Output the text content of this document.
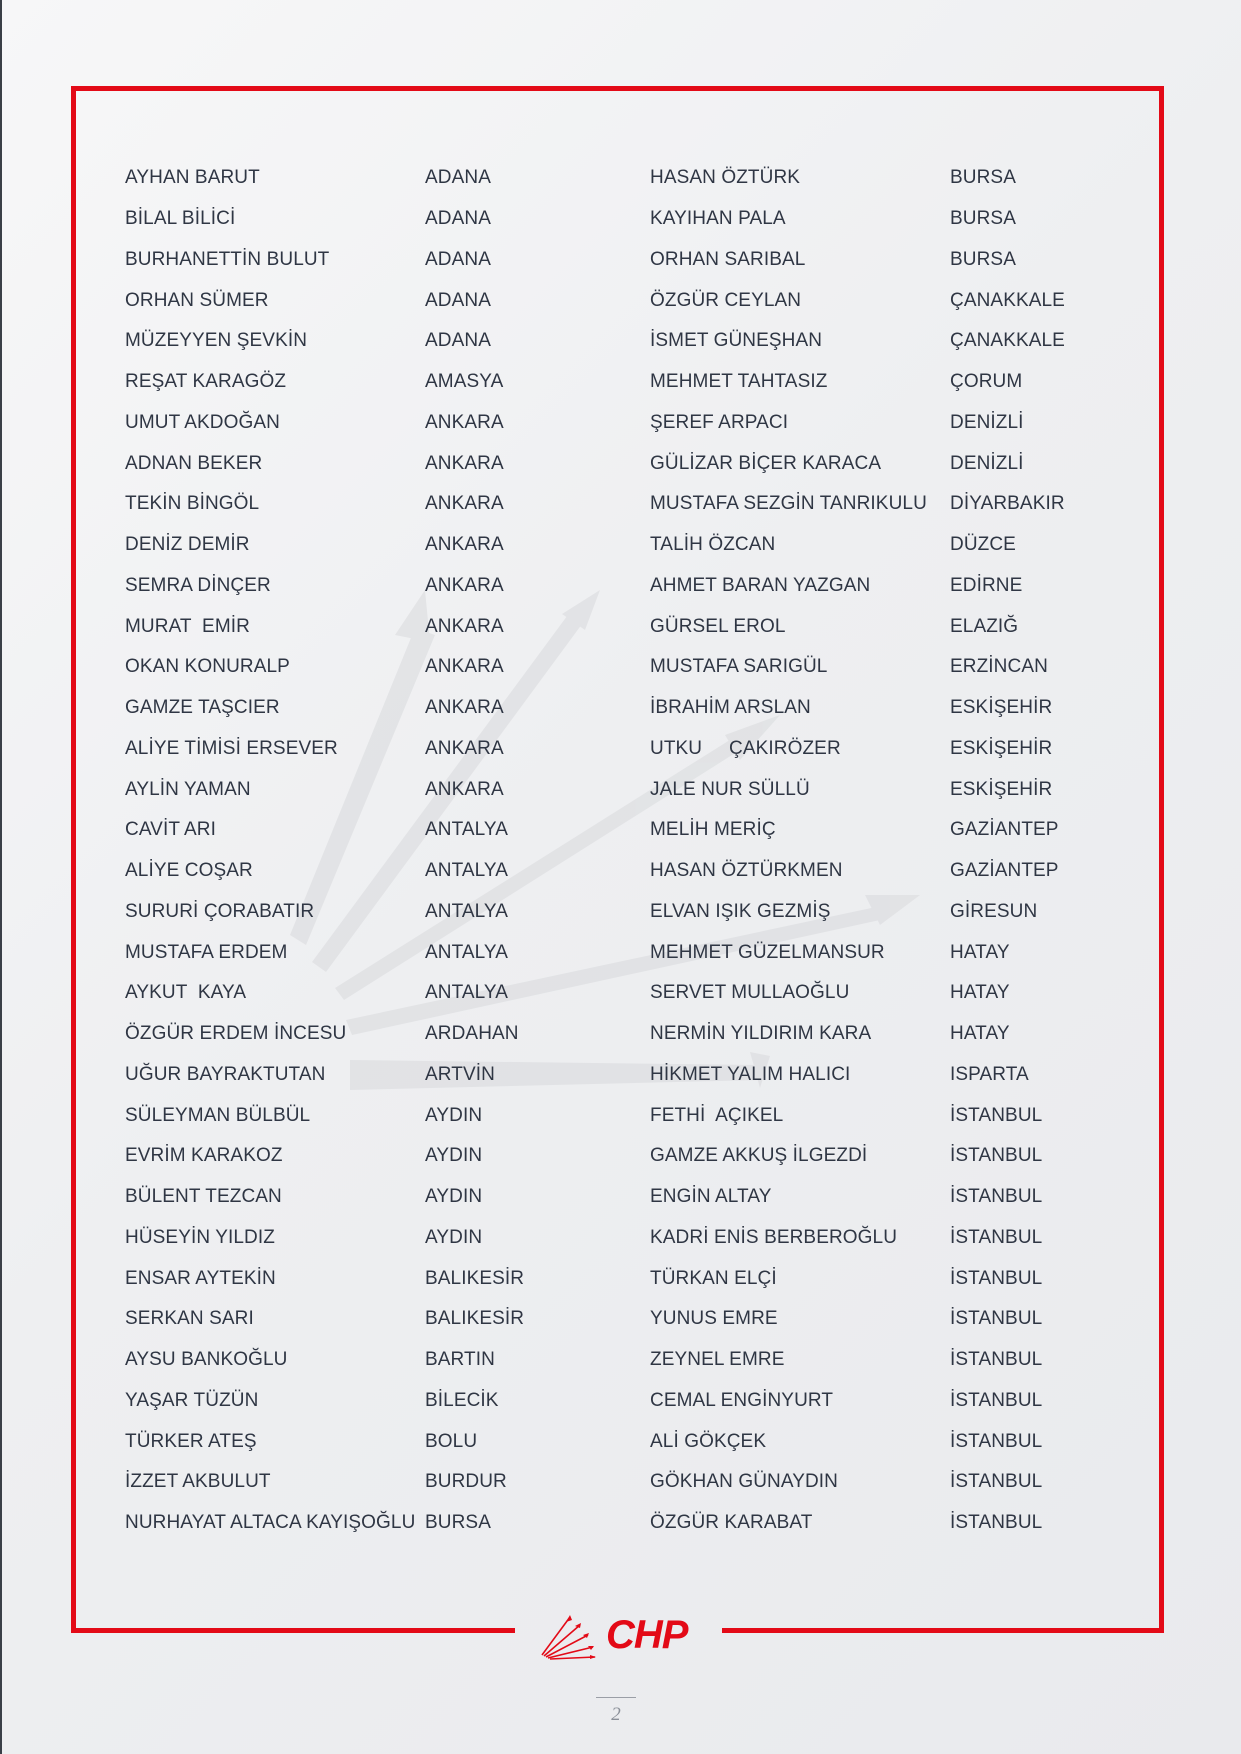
AYHAN BARUT	ADANA	HASAN ÖZTÜRK	BURSA
BİLAL BİLİCİ	ADANA	KAYIHAN PALA	BURSA
BURHANETTİN BULUT	ADANA	ORHAN SARIBAL	BURSA
ORHAN SÜMER	ADANA	ÖZGÜR CEYLAN	ÇANAKKALE
MÜZEYYEN ŞEVKİN	ADANA	İSMET GÜNEŞHAN	ÇANAKKALE
REŞAT KARAGÖZ	AMASYA	MEHMET TAHTASIZ	ÇORUM
UMUT AKDOĞAN	ANKARA	ŞEREF ARPACI	DENİZLİ
ADNAN BEKER	ANKARA	GÜLİZAR BİÇER KARACA	DENİZLİ
TEKİN BİNGÖL	ANKARA	MUSTAFA SEZGİN TANRIKULU	DİYARBAKIR
DENİZ DEMİR	ANKARA	TALİH ÖZCAN	DÜZCE
SEMRA DİNÇER	ANKARA	AHMET BARAN YAZGAN	EDİRNE
MURAT  EMİR	ANKARA	GÜRSEL EROL	ELAZIĞ
OKAN KONURALP	ANKARA	MUSTAFA SARIGÜL	ERZİNCAN
GAMZE TAŞCIER	ANKARA	İBRAHİM ARSLAN	ESKİŞEHİR
ALİYE TİMİSİ ERSEVER	ANKARA	UTKU     ÇAKIRÖZER	ESKİŞEHİR
AYLİN YAMAN	ANKARA	JALE NUR SÜLLÜ	ESKİŞEHİR
CAVİT ARI	ANTALYA	MELİH MERİÇ	GAZİANTEP
ALİYE COŞAR	ANTALYA	HASAN ÖZTÜRKMEN	GAZİANTEP
SURURİ ÇORABATIR	ANTALYA	ELVAN IŞIK GEZMİŞ	GİRESUN
MUSTAFA ERDEM	ANTALYA	MEHMET GÜZELMANSUR	HATAY
AYKUT  KAYA	ANTALYA	SERVET MULLAOĞLU	HATAY
ÖZGÜR ERDEM İNCESU	ARDAHAN	NERMİN YILDIRIM KARA	HATAY
UĞUR BAYRAKTUTAN	ARTVİN	HİKMET YALIM HALICI	ISPARTA
SÜLEYMAN BÜLBÜL	AYDIN	FETHİ  AÇIKEL	İSTANBUL
EVRİM KARAKOZ	AYDIN	GAMZE AKKUŞ İLGEZDİ	İSTANBUL
BÜLENT TEZCAN	AYDIN	ENGİN ALTAY	İSTANBUL
HÜSEYİN YILDIZ	AYDIN	KADRİ ENİS BERBEROĞLU	İSTANBUL
ENSAR AYTEKİN	BALIKESİR	TÜRKAN ELÇİ	İSTANBUL
SERKAN SARI	BALIKESİR	YUNUS EMRE	İSTANBUL
AYSU BANKOĞLU	BARTIN	ZEYNEL EMRE	İSTANBUL
YAŞAR TÜZÜN	BİLECİK	CEMAL ENGİNYURT	İSTANBUL
TÜRKER ATEŞ	BOLU	ALİ GÖKÇEK	İSTANBUL
İZZET AKBULUT	BURDUR	GÖKHAN GÜNAYDIN	İSTANBUL
NURHAYAT ALTACA KAYIŞOĞLU BURSA	ÖZGÜR KARABAT	İSTANBUL
CHP
2
